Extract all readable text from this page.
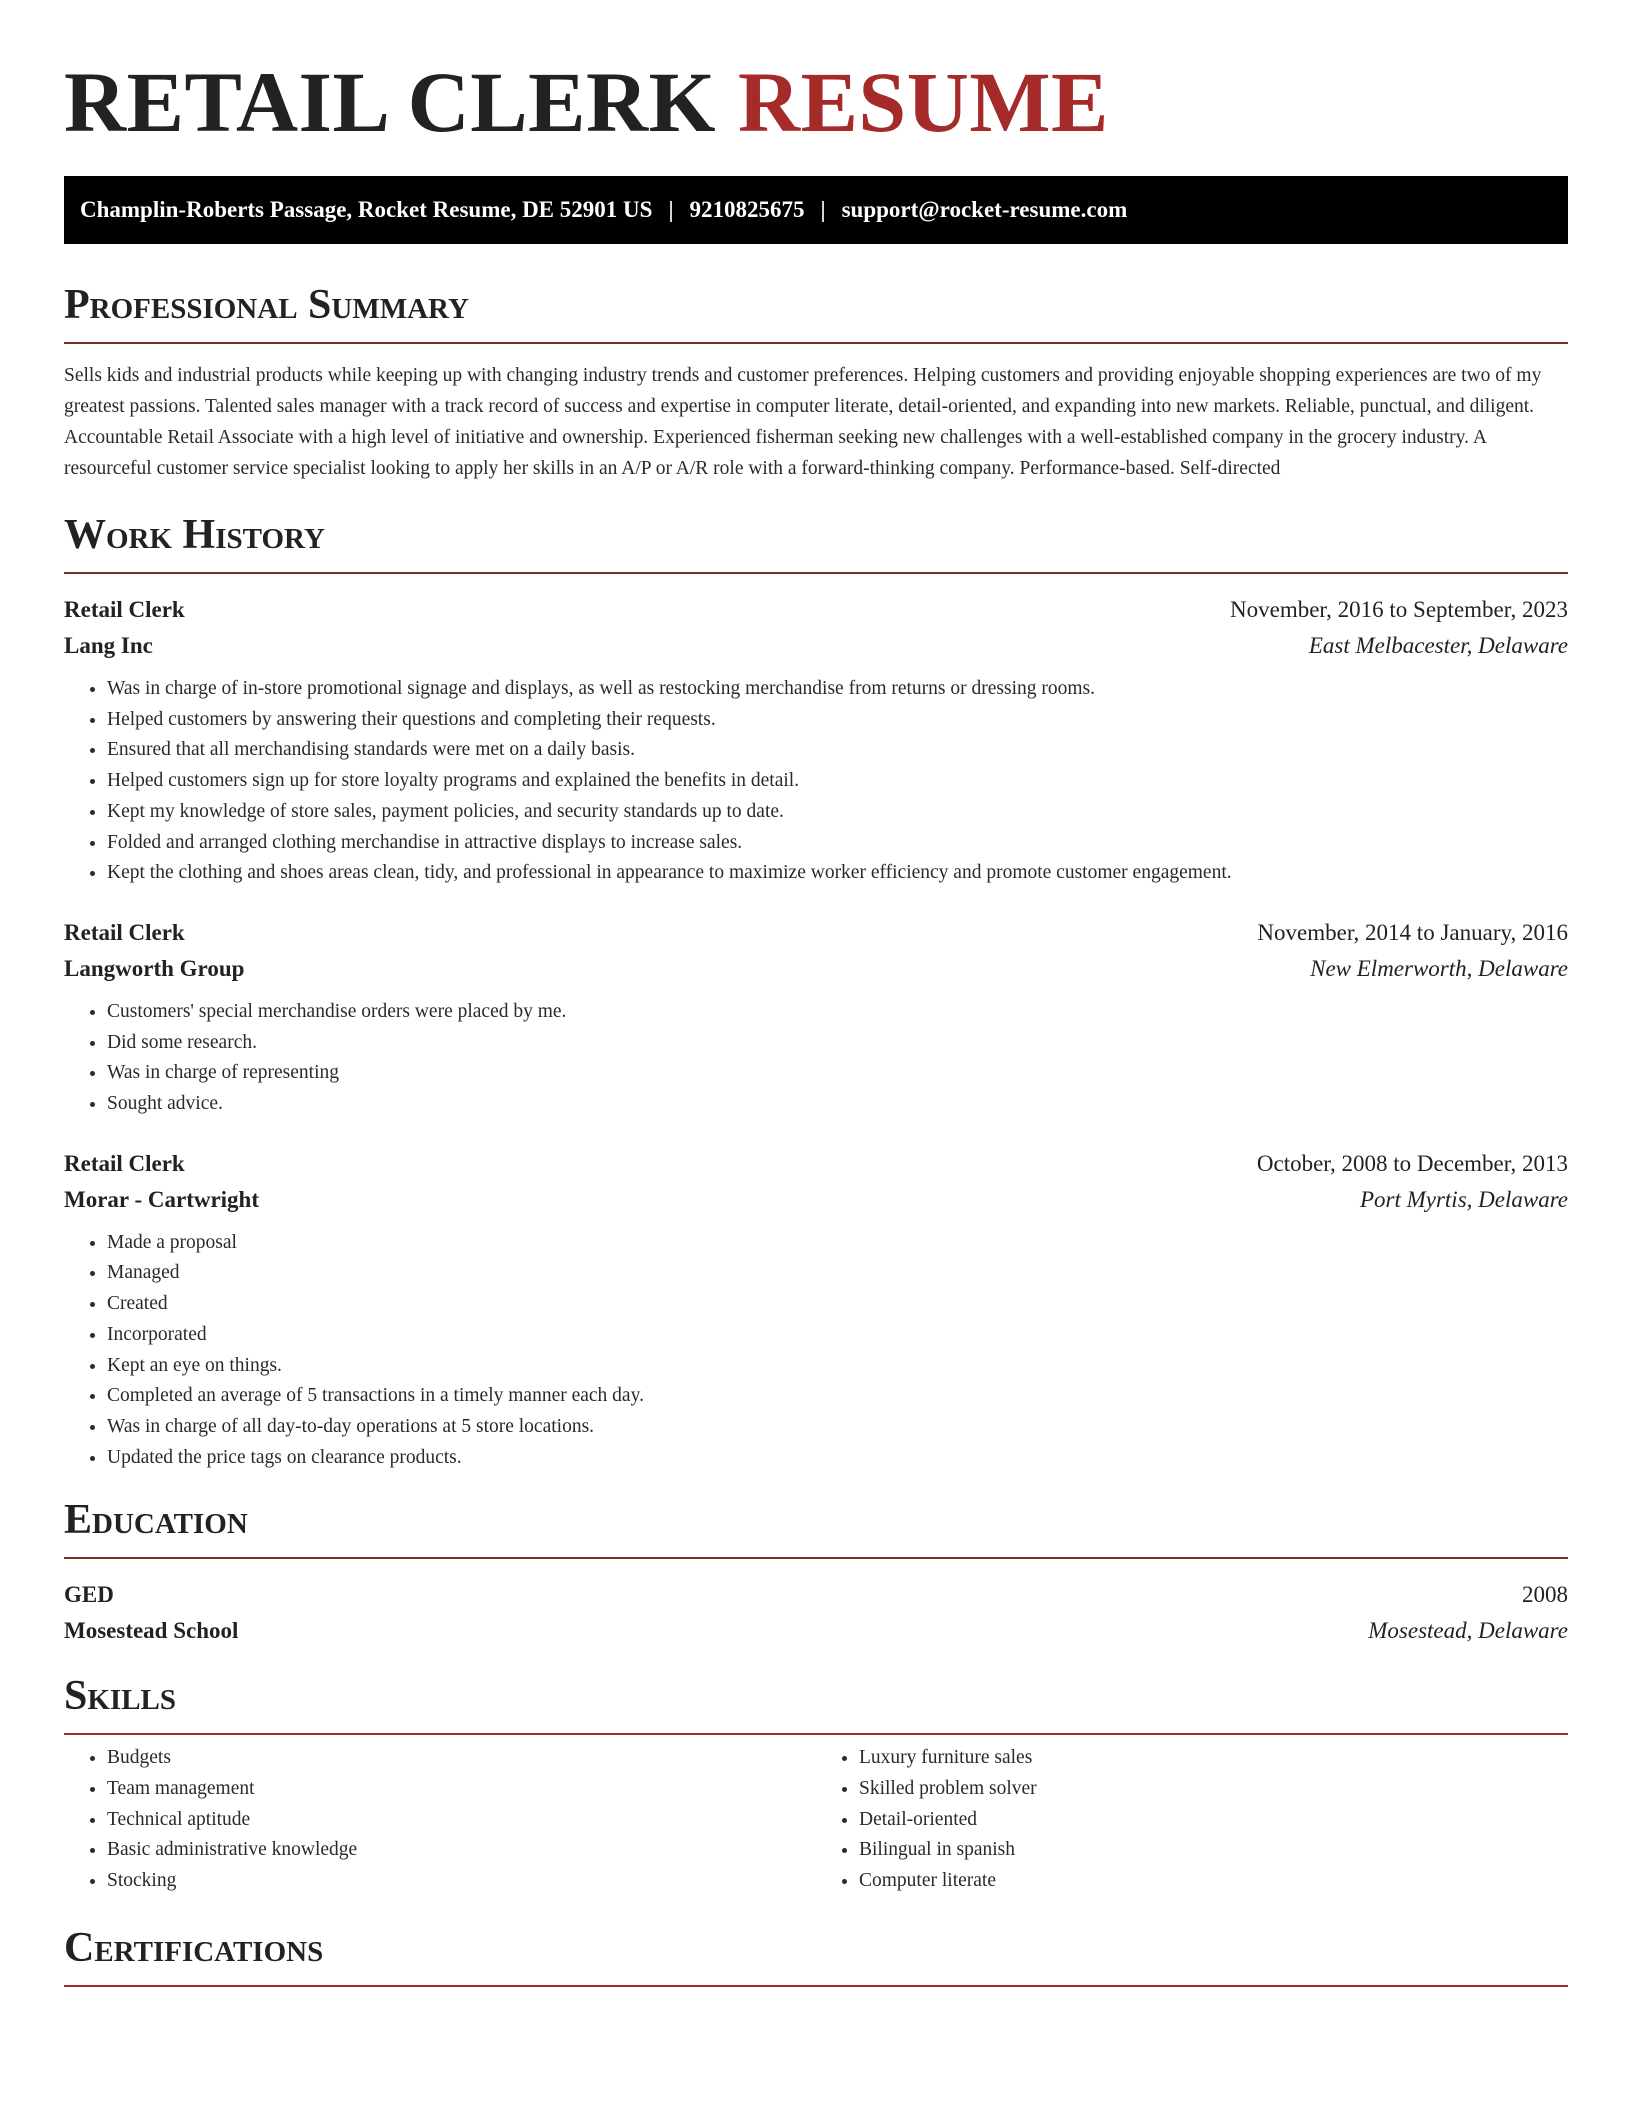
RETAIL CLERK RESUME
Champlin-Roberts Passage, Rocket Resume, DE 52901 US | 9210825675 | support@rocket-resume.com
Professional Summary

Sells kids and industrial products while keeping up with changing industry trends and customer preferences. Helping customers and providing enjoyable shopping experiences are two of my greatest passions. Talented sales manager with a track record of success and expertise in computer literate, detail-oriented, and expanding into new markets. Reliable, punctual, and diligent. Accountable Retail Associate with a high level of initiative and ownership. Experienced fisherman seeking new challenges with a well-established company in the grocery industry. A resourceful customer service specialist looking to apply her skills in an A/P or A/R role with a forward-thinking company. Performance-based. Self-directed

Work History
Retail Clerk	November, 2016 to September, 2023
Lang Inc	East Melbacester, Delaware
• Was in charge of in-store promotional signage and displays, as well as restocking merchandise from returns or dressing rooms.
• Helped customers by answering their questions and completing their requests.
• Ensured that all merchandising standards were met on a daily basis.
• Helped customers sign up for store loyalty programs and explained the benefits in detail.
• Kept my knowledge of store sales, payment policies, and security standards up to date.
• Folded and arranged clothing merchandise in attractive displays to increase sales.
• Kept the clothing and shoes areas clean, tidy, and professional in appearance to maximize worker efficiency and promote customer engagement.
Retail Clerk	November, 2014 to January, 2016
Langworth Group	New Elmerworth, Delaware
• Customers' special merchandise orders were placed by me.
• Did some research.
• Was in charge of representing
• Sought advice.
Retail Clerk	October, 2008 to December, 2013
Morar - Cartwright	Port Myrtis, Delaware
• Made a proposal
• Managed
• Created
• Incorporated
• Kept an eye on things.
• Completed an average of 5 transactions in a timely manner each day.
• Was in charge of all day-to-day operations at 5 store locations.
• Updated the price tags on clearance products.
Education
GED	2008
Mosestead School	Mosestead, Delaware
Skills
• Budgets
• Team management
• Technical aptitude
• Basic administrative knowledge
• Stocking
• Luxury furniture sales
• Skilled problem solver
• Detail-oriented
• Bilingual in spanish
• Computer literate
Certifications
